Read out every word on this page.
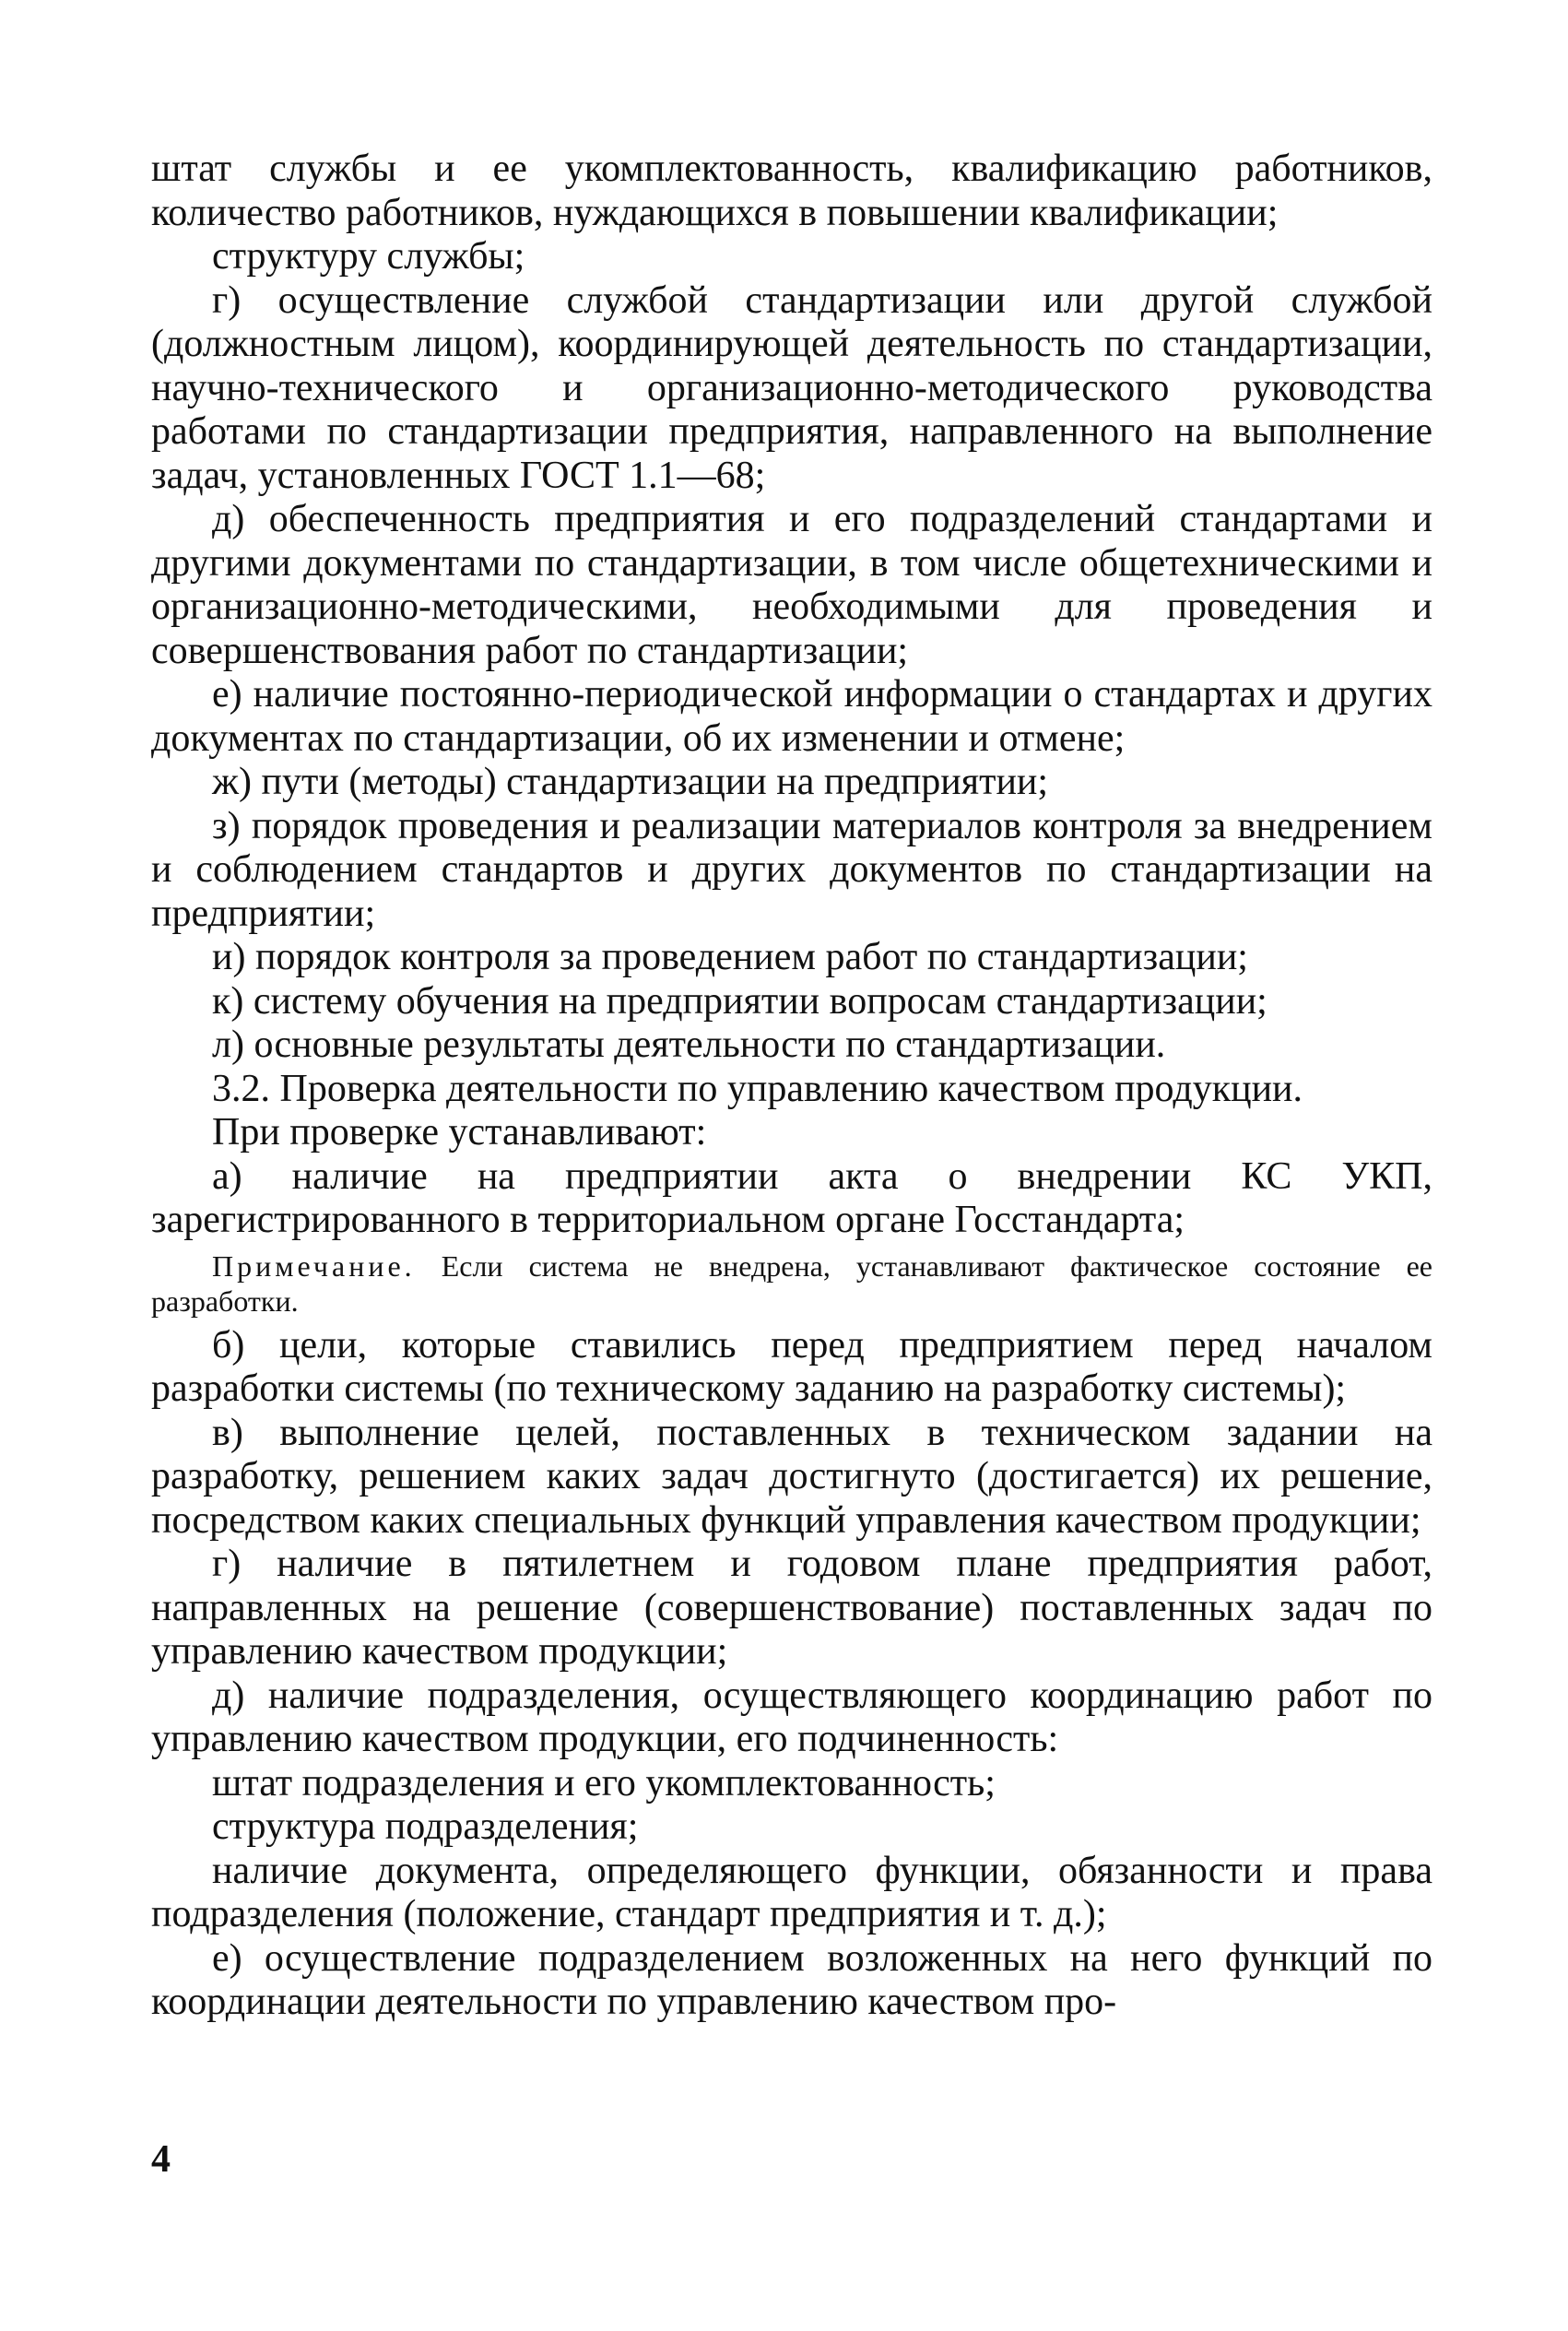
штат службы и ее укомплектованность, квалификацию работников, количество работников, нуждающихся в повышении квалификации;

структуру службы;

г) осуществление службой стандартизации или другой службой (должностным лицом), координирующей деятельность по стандартизации, научно-технического и организационно-методического руководства работами по стандартизации предприятия, направленного на выполнение задач, установленных ГОСТ 1.1—68;

д) обеспеченность предприятия и его подразделений стандартами и другими документами по стандартизации, в том числе общетехническими и организационно-методическими, необходимыми для проведения и совершенствования работ по стандартизации;

е) наличие постоянно-периодической информации о стандартах и других документах по стандартизации, об их изменении и отмене;

ж) пути (методы) стандартизации на предприятии;

з) порядок проведения и реализации материалов контроля за внедрением и соблюдением стандартов и других документов по стандартизации на предприятии;

и) порядок контроля за проведением работ по стандартизации;

к) систему обучения на предприятии вопросам стандартизации;

л) основные результаты деятельности по стандартизации.

3.2. Проверка деятельности по управлению качеством продукции.

При проверке устанавливают:

а) наличие на предприятии акта о внедрении КС УКП, зарегистрированного в территориальном органе Госстандарта;

Примечание. Если система не внедрена, устанавливают фактическое состояние ее разработки.

б) цели, которые ставились перед предприятием перед началом разработки системы (по техническому заданию на разработку системы);

в) выполнение целей, поставленных в техническом задании на разработку, решением каких задач достигнуто (достигается) их решение, посредством каких специальных функций управления качеством продукции;

г) наличие в пятилетнем и годовом плане предприятия работ, направленных на решение (совершенствование) поставленных задач по управлению качеством продукции;

д) наличие подразделения, осуществляющего координацию работ по управлению качеством продукции, его подчиненность:

штат подразделения и его укомплектованность;

структура подразделения;

наличие документа, определяющего функции, обязанности и права подразделения (положение, стандарт предприятия и т. д.);

е) осуществление подразделением возложенных на него функций по координации деятельности по управлению качеством про-

4
